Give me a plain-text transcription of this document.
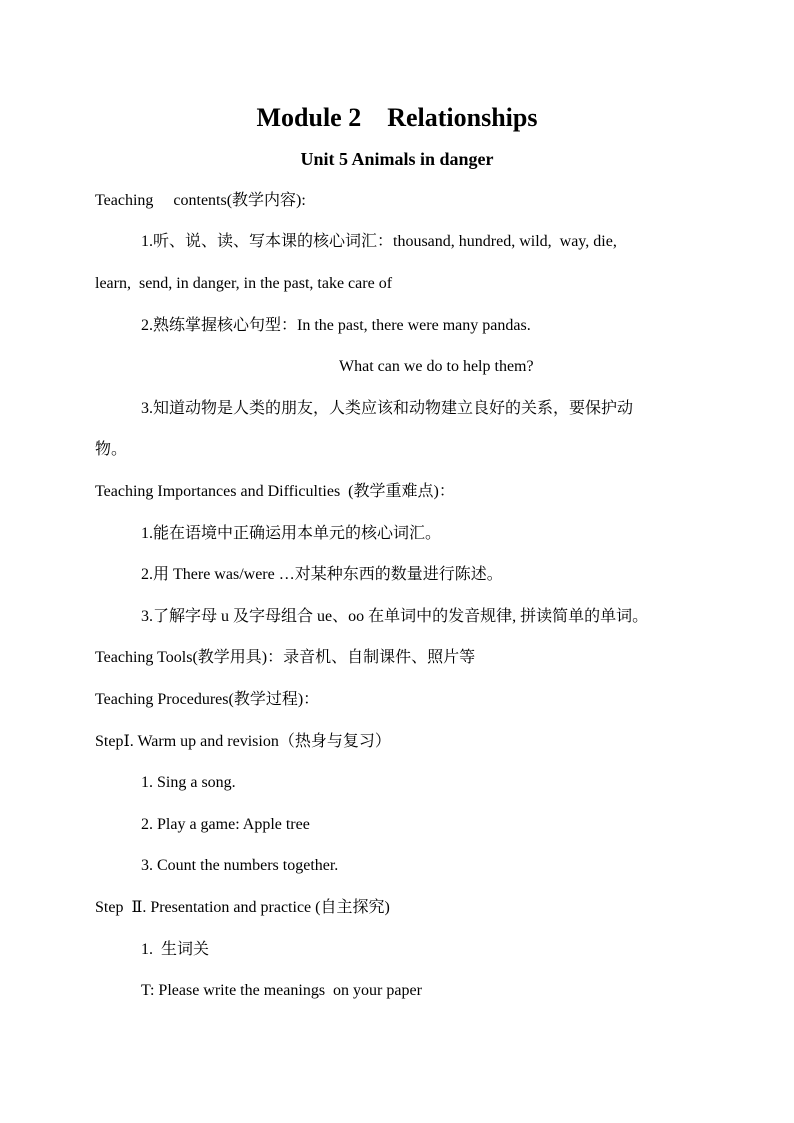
Module 2    Relationships
Unit 5 Animals in danger
Teaching     contents(教学内容):
1.听、说、读、写本课的核心词汇：thousand, hundred, wild,  way, die,
learn,  send, in danger, in the past, take care of
2.熟练掌握核心句型：In the past, there were many pandas.
What can we do to help them?
3.知道动物是人类的朋友，人类应该和动物建立良好的关系，要保护动
物。
Teaching Importances and Difficulties  (教学重难点)：
1.能在语境中正确运用本单元的核心词汇。
2.用 There was/were …对某种东西的数量进行陈述。
3.了解字母 u 及字母组合 ue、oo 在单词中的发音规律, 拼读简单的单词。
Teaching Tools(教学用具)：录音机、自制课件、照片等
Teaching Procedures(教学过程)：
StepⅠ. Warm up and revision（热身与复习）
1. Sing a song.
2. Play a game: Apple tree
3. Count the numbers together.
Step  Ⅱ. Presentation and practice (自主探究)
1.  生词关
T: Please write the meanings  on your paper
